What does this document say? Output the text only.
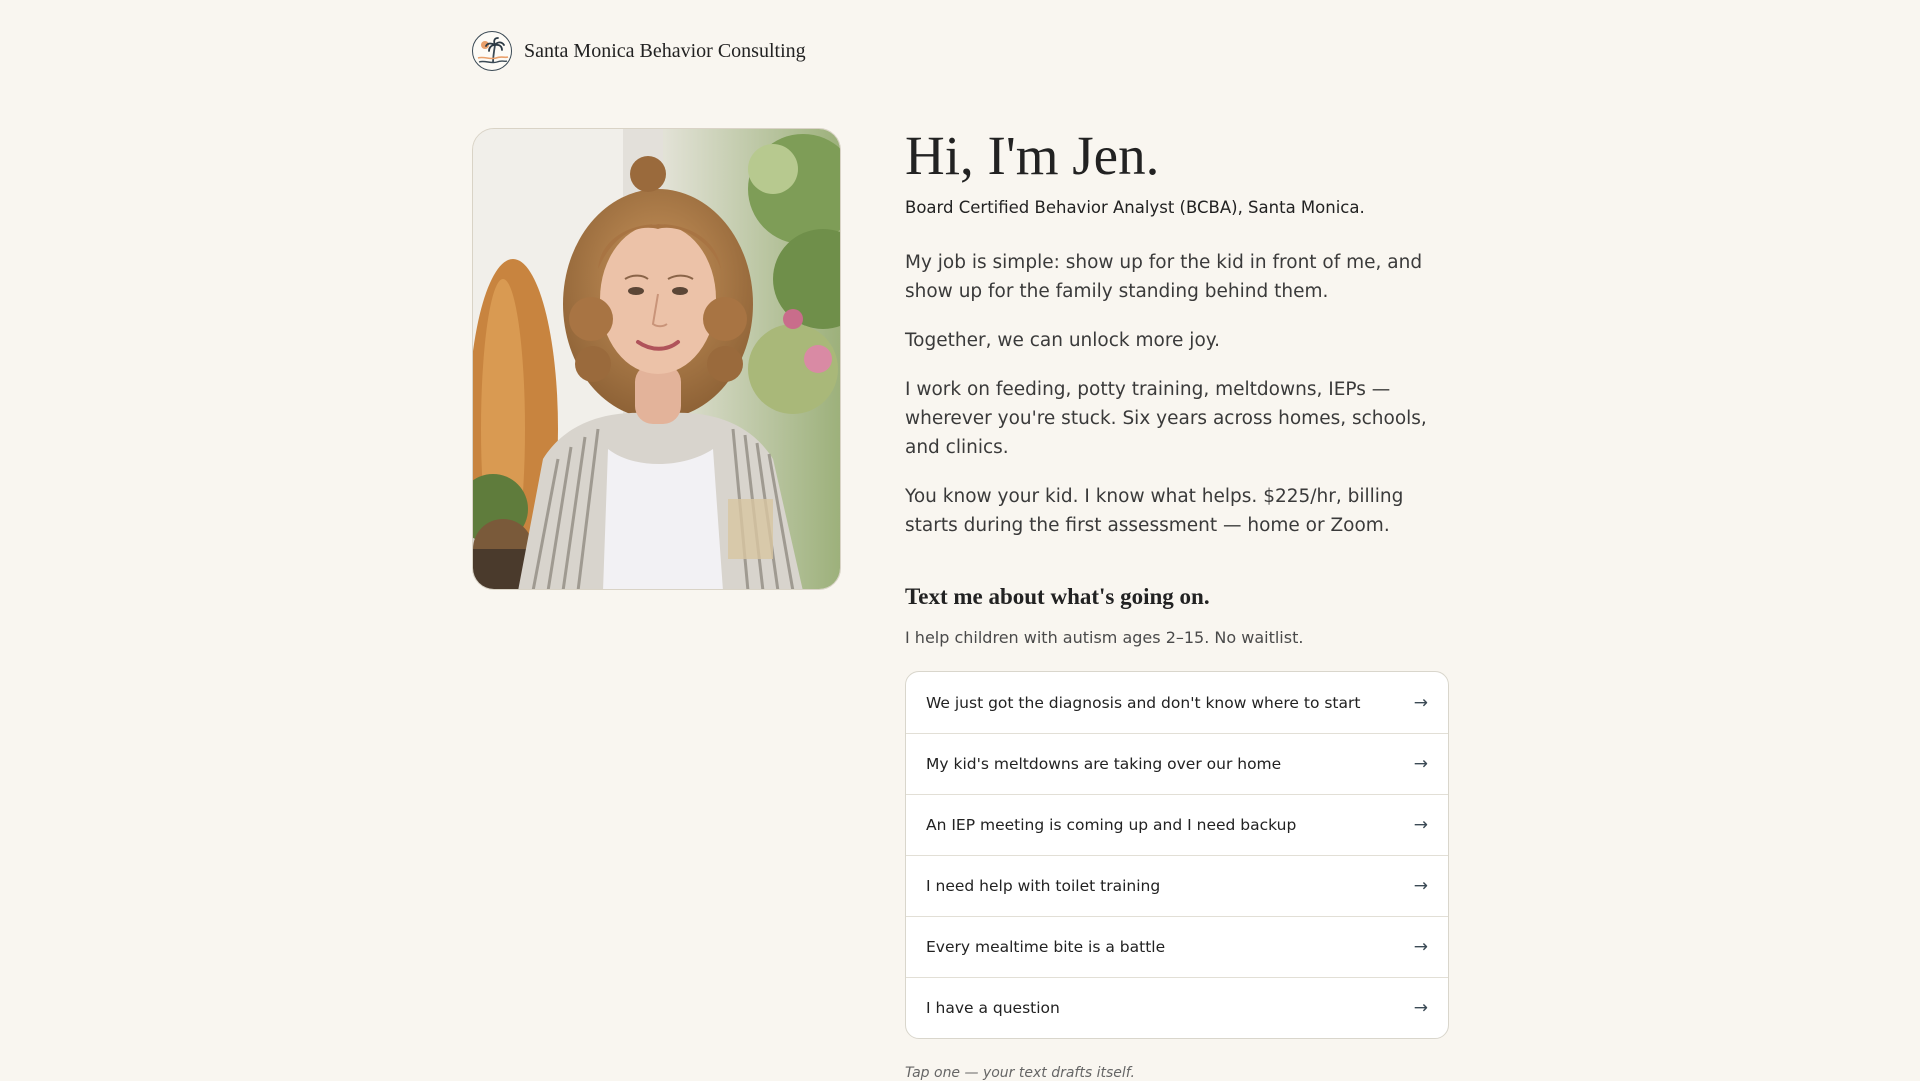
Santa Monica Behavior Consulting
Hi, I'm Jen.
Board Certified Behavior Analyst (BCBA), Santa Monica.

My job is simple: show up for the kid in front of me, and show up for the family standing behind them.

Together, we can unlock more joy.

I work on feeding, potty training, meltdowns, IEPs — wherever you're stuck. Six years across homes, schools, and clinics.

You know your kid. I know what helps. $225/hr, billing starts during the first assessment — home or Zoom.

Text me about what's going on.
I help children with autism ages 2–15. No waitlist.
We just got the diagnosis and don't know where to start	→
My kid's meltdowns are taking over our home	→
An IEP meeting is coming up and I need backup	→
I need help with toilet training	→
Every mealtime bite is a battle	→
I have a question	→
Tap one — your text drafts itself.
